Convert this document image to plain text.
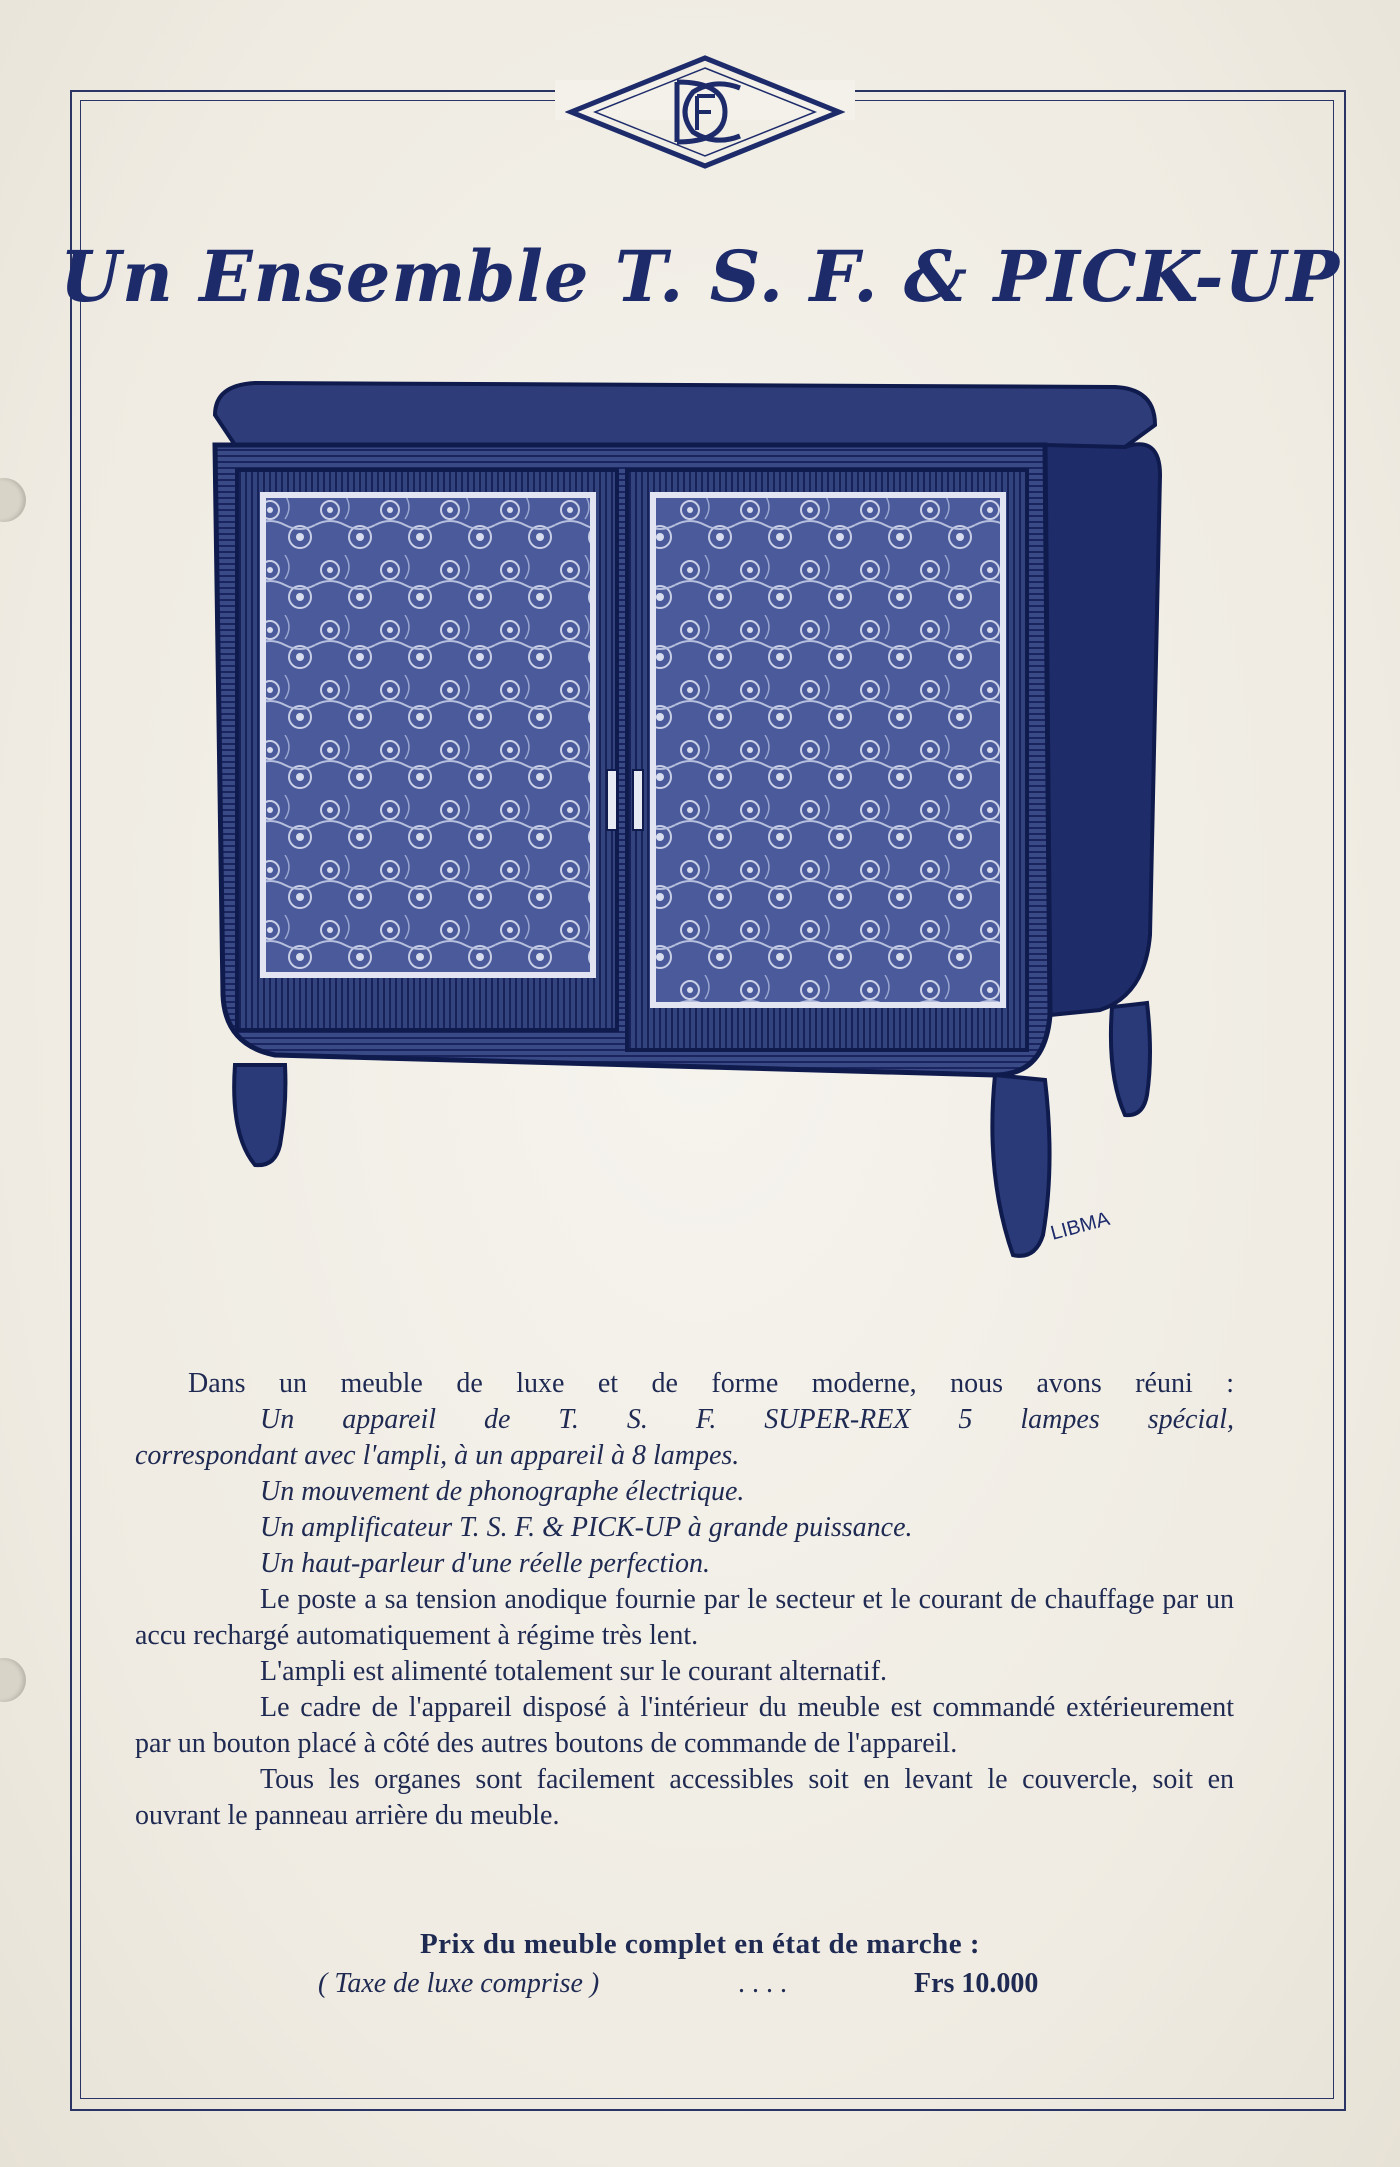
Un Ensemble T. S. F. & PICK-UP
LIBMA

Dans un meuble de luxe et de forme moderne, nous avons réuni :

Un appareil de T. S. F. SUPER-REX 5 lampes spécial,

correspondant avec l'ampli, à un appareil à 8 lampes.

Un mouvement de phonographe électrique.

Un amplificateur T. S. F. & PICK-UP à grande puissance.

Un haut-parleur d'une réelle perfection.

Le poste a sa tension anodique fournie par le secteur et le courant de chauffage par un accu rechargé automatiquement à régime très lent.

L'ampli est alimenté totalement sur le courant alternatif.

Le cadre de l'appareil disposé à l'intérieur du meuble est commandé extérieurement par un bouton placé à côté des autres boutons de commande de l'appareil.

Tous les organes sont facilement accessibles soit en levant le couvercle, soit en ouvrant le panneau arrière du meuble.

Prix du meuble complet en état de marche :
( Taxe de luxe comprise )	. . . .	Frs 10.000
